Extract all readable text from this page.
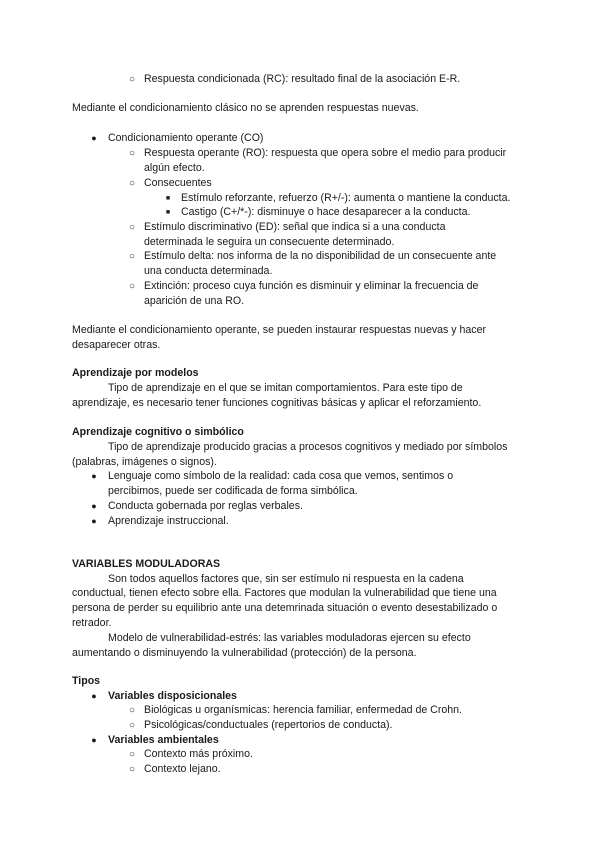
○ Respuesta condicionada (RC): resultado final de la asociación E-R.
Mediante el condicionamiento clásico no se aprenden respuestas nuevas.
●	Condicionamiento operante (CO)
○ Respuesta operante (RO): respuesta que opera sobre el medio para producir
algún efecto.
○ Consecuentes
■	Estímulo reforzante, refuerzo (R+/-): aumenta o mantiene la conducta.
■	Castigo (C+/*-): disminuye o hace desaparecer a la conducta.
○ Estímulo discriminativo (ED): señal que indica si a una conducta
determinada le seguira un consecuente determinado.
○ Estímulo delta: nos informa de la no disponibilidad de un consecuente ante
una conducta determinada.
○ Extinción: proceso cuya función es disminuir y eliminar la frecuencia de
aparición de una RO.
Mediante el condicionamiento operante, se pueden instaurar respuestas nuevas y hacer
desaparecer otras.
Aprendizaje por modelos
Tipo de aprendizaje en el que se imitan comportamientos. Para este tipo de
aprendizaje, es necesario tener funciones cognitivas básicas y aplicar el reforzamiento.
Aprendizaje cognitivo o simbólico
Tipo de aprendizaje producido gracias a procesos cognitivos y mediado por símbolos
(palabras, imágenes o signos).
●	Lenguaje como símbolo de la realidad: cada cosa que vemos, sentimos o
percibimos, puede ser codificada de forma simbólica.
●	Conducta gobernada por reglas verbales.
●	Aprendizaje instruccional.
VARIABLES MODULADORAS
Son todos aquellos factores que, sin ser estímulo ni respuesta en la cadena
conductual, tienen efecto sobre ella. Factores que modulan la vulnerabilidad que tiene una
persona de perder su equilibrio ante una detemrinada situación o evento desestabilizado o
retrador.
Modelo de vulnerabilidad-estrés: las variables moduladoras ejercen su efecto
aumentando o disminuyendo la vulnerabilidad (protección) de la persona.
Tipos
●	Variables disposicionales
○ Biológicas u organísmicas: herencia familiar, enfermedad de Crohn.
○ Psicológicas/conductuales (repertorios de conducta).
●	Variables ambientales
○ Contexto más próximo.
○ Contexto lejano.
